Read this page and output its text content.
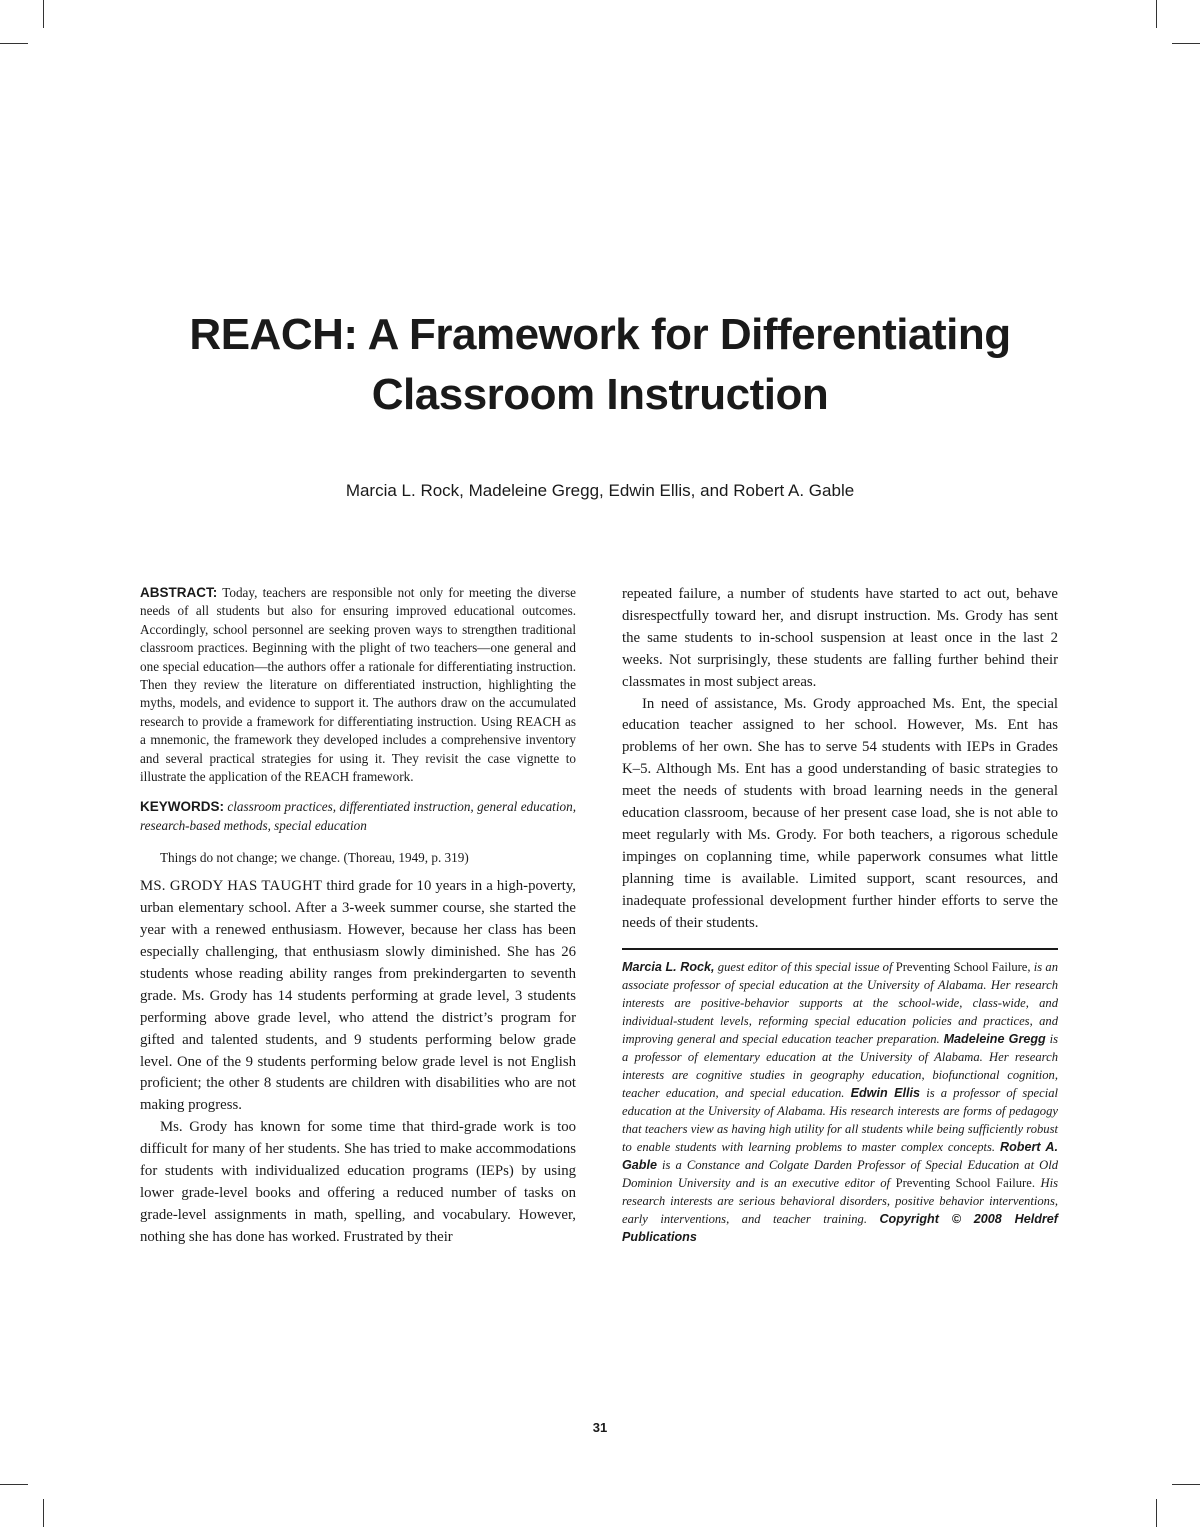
REACH: A Framework for Differentiating
Classroom Instruction
Marcia L. Rock, Madeleine Gregg, Edwin Ellis, and Robert A. Gable

ABSTRACT: Today, teachers are responsible not only for meeting the diverse needs of all students but also for ensuring improved educational outcomes. Accordingly, school personnel are seeking proven ways to strengthen traditional classroom practices. Beginning with the plight of two teachers—one general and one special education—the authors offer a rationale for differentiating instruction. Then they review the literature on differentiated instruction, highlighting the myths, models, and evidence to support it. The authors draw on the accumulated research to provide a framework for differentiating instruction. Using REACH as a mnemonic, the framework they developed includes a comprehensive inventory and several practical strategies for using it. They revisit the case vignette to illustrate the application of the REACH framework.

KEYWORDS: classroom practices, differentiated instruction, general education, research-based methods, special education

Things do not change; we change. (Thoreau, 1949, p. 319)

MS. GRODY HAS TAUGHT third grade for 10 years in a high-poverty, urban elementary school. After a 3-week summer course, she started the year with a renewed enthusiasm. However, because her class has been especially challenging, that enthusiasm slowly diminished. She has 26 students whose reading ability ranges from prekindergarten to seventh grade. Ms. Grody has 14 students performing at grade level, 3 students performing above grade level, who attend the district’s program for gifted and talented students, and 9 students performing below grade level. One of the 9 students performing below grade level is not English proficient; the other 8 students are children with disabilities who are not making progress.

Ms. Grody has known for some time that third-grade work is too difficult for many of her students. She has tried to make accommodations for students with individualized education programs (IEPs) by using lower grade-level books and offering a reduced number of tasks on grade-level assignments in math, spelling, and vocabulary. However, nothing she has done has worked. Frustrated by their

repeated failure, a number of students have started to act out, behave disrespectfully toward her, and disrupt instruction. Ms. Grody has sent the same students to in-school suspension at least once in the last 2 weeks. Not surprisingly, these students are falling further behind their classmates in most subject areas.

In need of assistance, Ms. Grody approached Ms. Ent, the special education teacher assigned to her school. However, Ms. Ent has problems of her own. She has to serve 54 students with IEPs in Grades K–5. Although Ms. Ent has a good understanding of basic strategies to meet the needs of students with broad learning needs in the general education classroom, because of her present case load, she is not able to meet regularly with Ms. Grody. For both teachers, a rigorous schedule impinges on coplanning time, while paperwork consumes what little planning time is available. Limited support, scant resources, and inadequate professional development further hinder efforts to serve the needs of their students.

Marcia L. Rock, guest editor of this special issue of Preventing School Failure, is an associate professor of special education at the University of Alabama. Her research interests are positive-behavior supports at the school-wide, class-wide, and individual-student levels, reforming special education policies and practices, and improving general and special education teacher preparation. Madeleine Gregg is a professor of elementary education at the University of Alabama. Her research interests are cognitive studies in geography education, biofunctional cognition, teacher education, and special education. Edwin Ellis is a professor of special education at the University of Alabama. His research interests are forms of pedagogy that teachers view as having high utility for all students while being sufficiently robust to enable students with learning problems to master complex concepts. Robert A. Gable is a Constance and Colgate Darden Professor of Special Education at Old Dominion University and is an executive editor of Preventing School Failure. His research interests are serious behavioral disorders, positive behavior interventions, early interventions, and teacher training. Copyright © 2008 Heldref Publications

31
